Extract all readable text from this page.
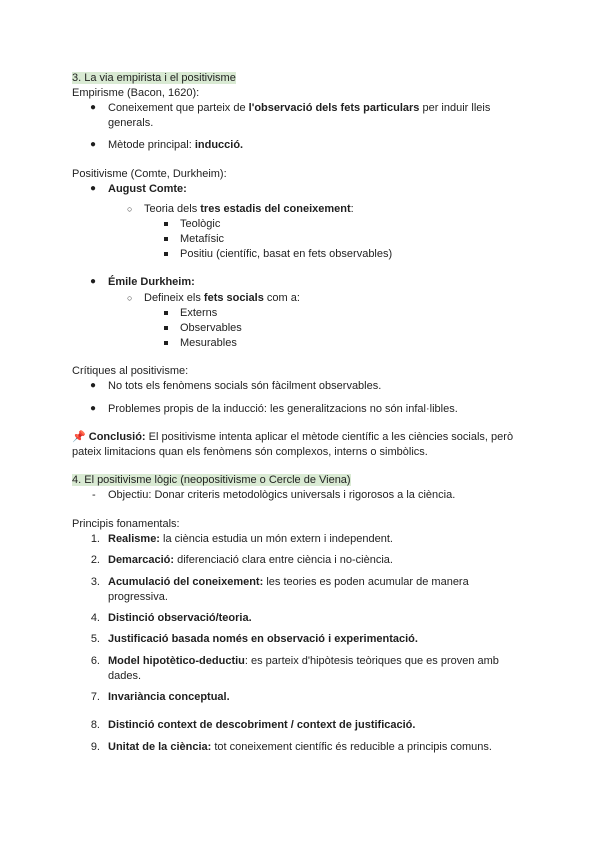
3. La via empirista i el positivisme
Empirisme (Bacon, 1620):
● Coneixement que parteix de l'observació dels fets particulars per induir lleis
generals.
● Mètode principal: inducció.
Positivisme (Comte, Durkheim):
● August Comte:
○ Teoria dels tres estadis del coneixement:
Teològic
Metafísic
Positiu (científic, basat en fets observables)
● Émile Durkheim:
○ Defineix els fets socials com a:
Externs
Observables
Mesurables
Crítiques al positivisme:
● No tots els fenòmens socials són fàcilment observables.
● Problemes propis de la inducció: les generalitzacions no són infal·libles.
📌 Conclusió: El positivisme intenta aplicar el mètode científic a les ciències socials, però
pateix limitacions quan els fenòmens són complexos, interns o simbòlics.
4. El positivisme lògic (neopositivisme o Cercle de Viena)
- Objectiu: Donar criteris metodològics universals i rigorosos a la ciència.
Principis fonamentals:
1. Realisme: la ciència estudia un món extern i independent.
2. Demarcació: diferenciació clara entre ciència i no-ciència.
3. Acumulació del coneixement: les teories es poden acumular de manera
progressiva.
4. Distinció observació/teoria.
5. Justificació basada només en observació i experimentació.
6. Model hipotètico-deductiu: es parteix d'hipòtesis teòriques que es proven amb
dades.
7. Invariància conceptual.
8. Distinció context de descobriment / context de justificació.
9. Unitat de la ciència: tot coneixement científic és reducible a principis comuns.
